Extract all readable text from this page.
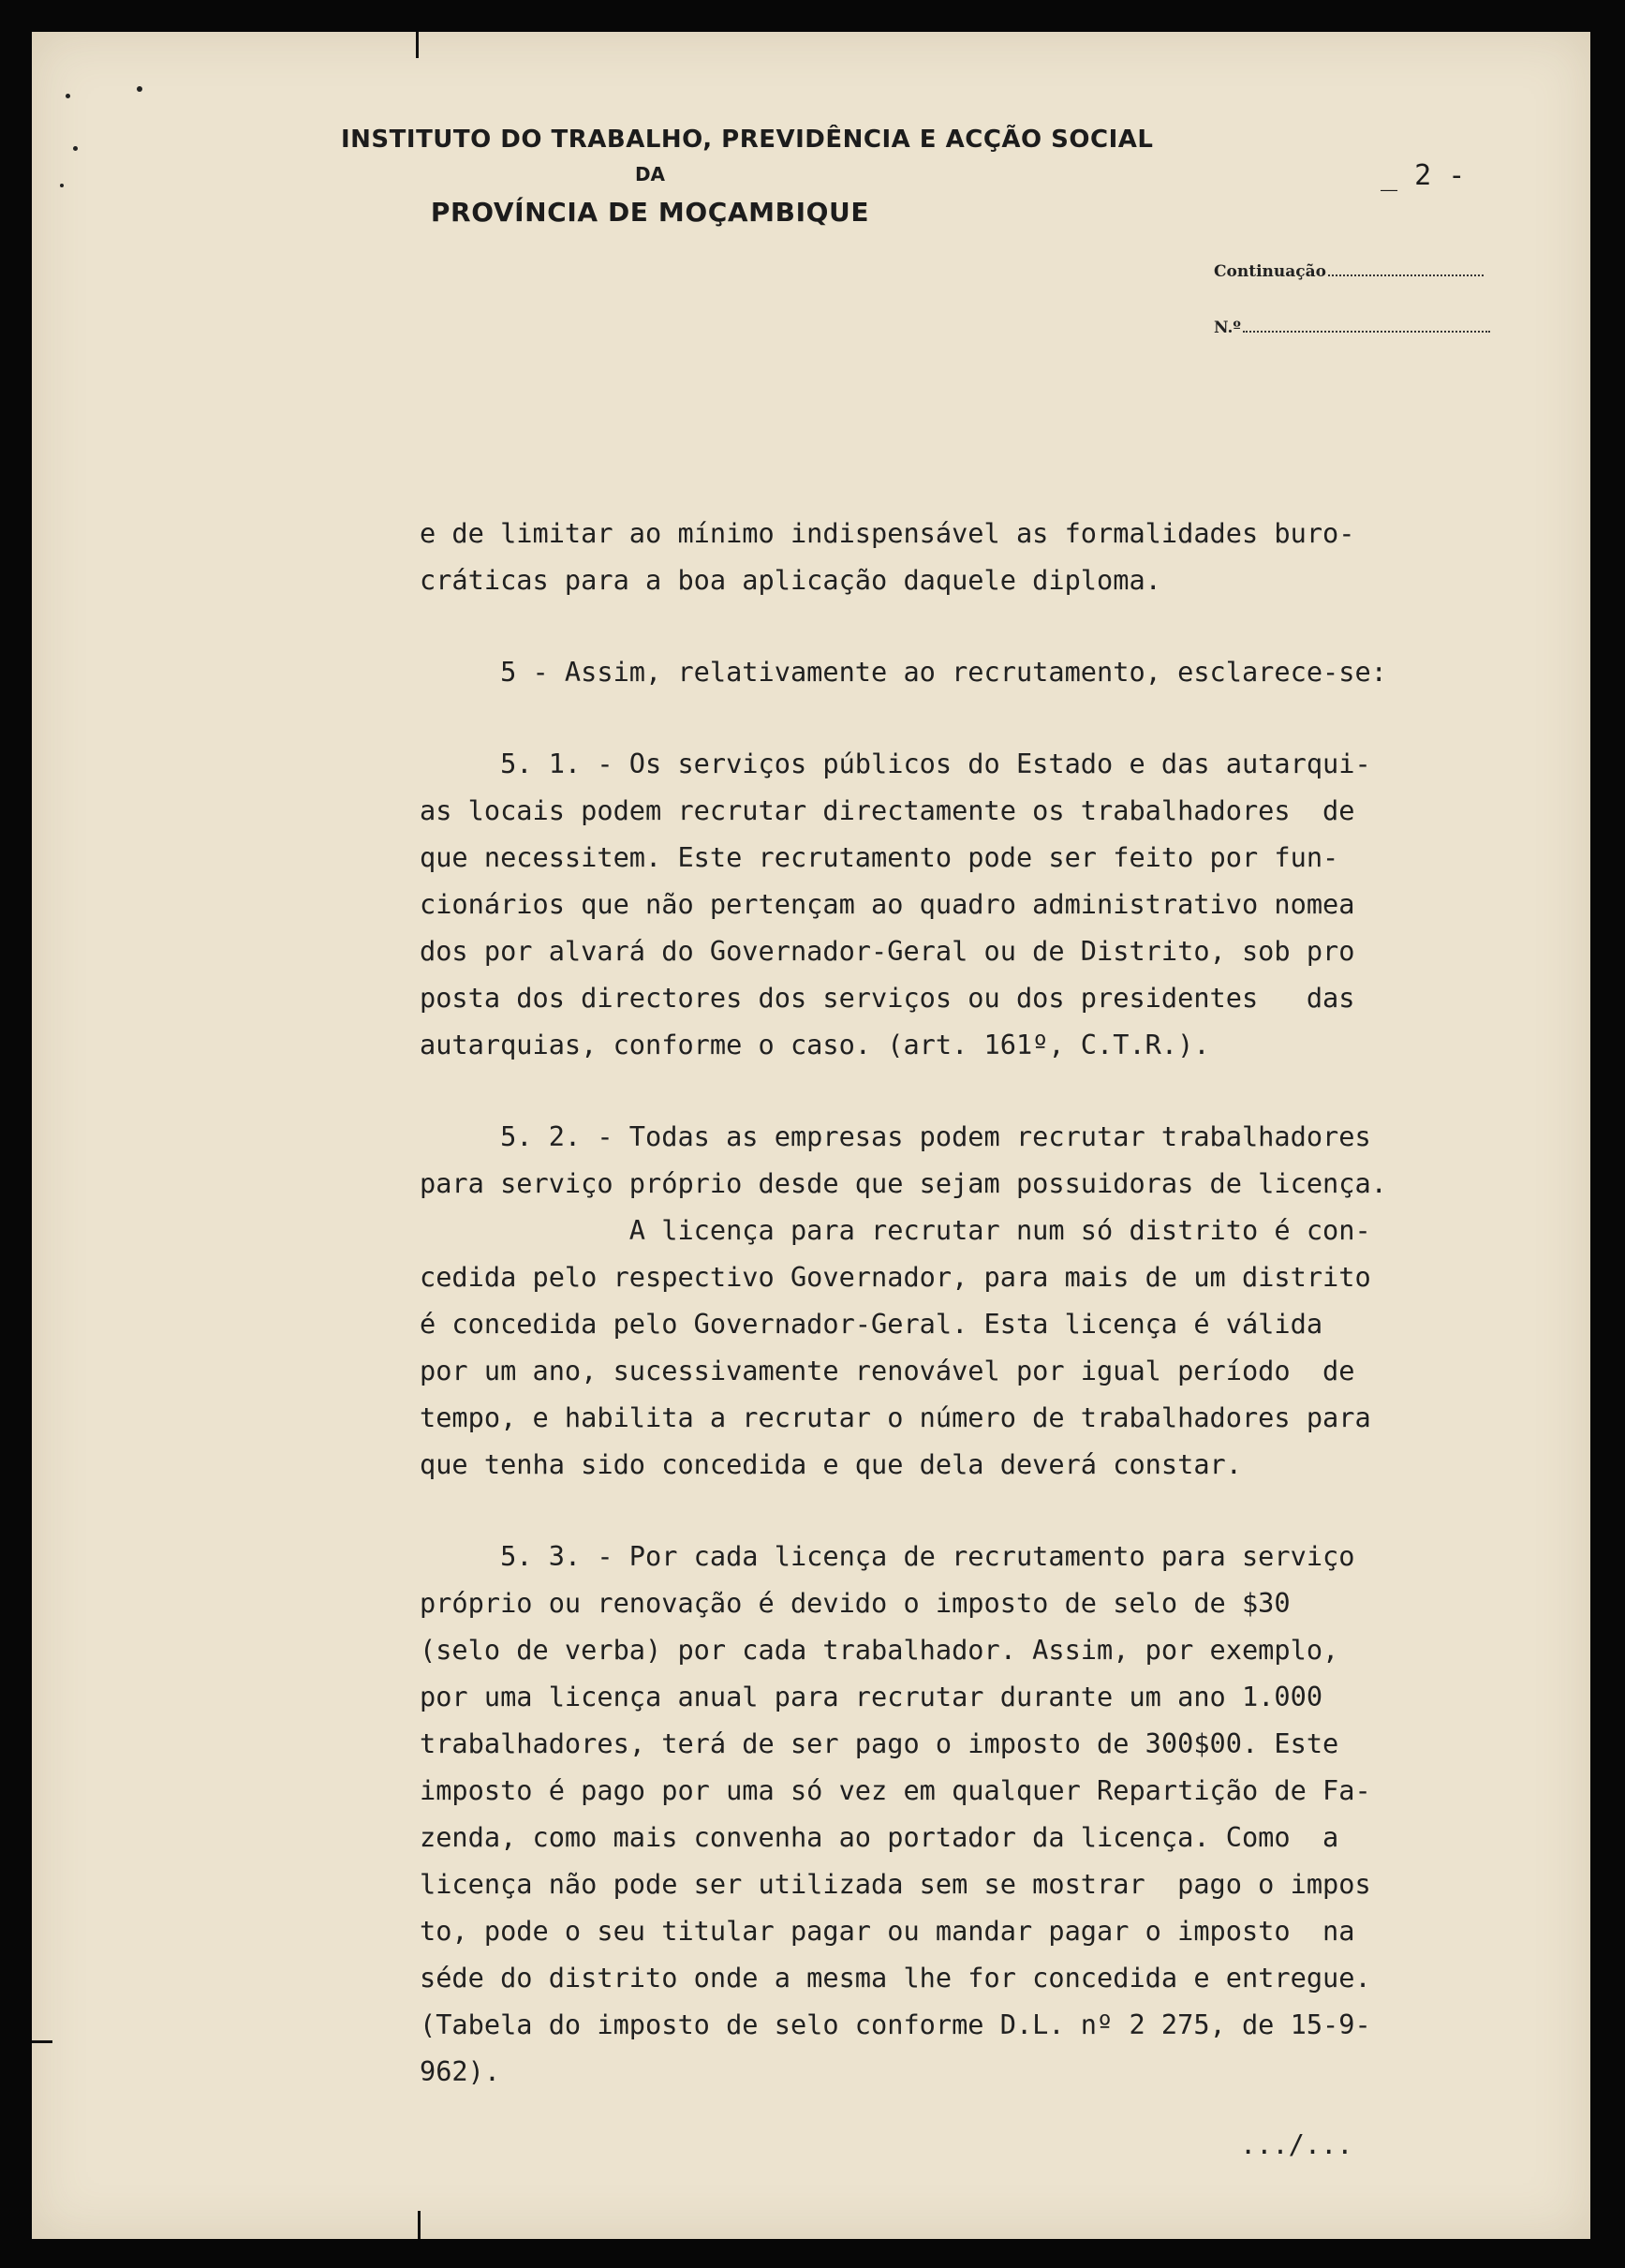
INSTITUTO DO TRABALHO, PREVIDÊNCIA E ACÇÃO SOCIAL
DA
PROVÍNCIA DE MOÇAMBIQUE
_ 2 -
Continuação
N.º
e de limitar ao mínimo indispensável as formalidades buro-
cráticas para a boa aplicação daquele diploma.
5 - Assim, relativamente ao recrutamento, esclarece-se:
5. 1. - Os serviços públicos do Estado e das autarqui-
as locais podem recrutar directamente os trabalhadores  de
que necessitem. Este recrutamento pode ser feito por fun-
cionários que não pertençam ao quadro administrativo nomea
dos por alvará do Governador-Geral ou de Distrito, sob pro
posta dos directores dos serviços ou dos presidentes   das
autarquias, conforme o caso. (art. 161º, C.T.R.).
5. 2. - Todas as empresas podem recrutar trabalhadores
para serviço próprio desde que sejam possuidoras de licença.
A licença para recrutar num só distrito é con-
cedida pelo respectivo Governador, para mais de um distrito
é concedida pelo Governador-Geral. Esta licença é válida
por um ano, sucessivamente renovável por igual período  de
tempo, e habilita a recrutar o número de trabalhadores para
que tenha sido concedida e que dela deverá constar.
5. 3. - Por cada licença de recrutamento para serviço
próprio ou renovação é devido o imposto de selo de $30
(selo de verba) por cada trabalhador. Assim, por exemplo,
por uma licença anual para recrutar durante um ano 1.000
trabalhadores, terá de ser pago o imposto de 300$00. Este
imposto é pago por uma só vez em qualquer Repartição de Fa-
zenda, como mais convenha ao portador da licença. Como  a
licença não pode ser utilizada sem se mostrar  pago o impos
to, pode o seu titular pagar ou mandar pagar o imposto  na
séde do distrito onde a mesma lhe for concedida e entregue.
(Tabela do imposto de selo conforme D.L. nº 2 275, de 15-9-
962).
.../...
